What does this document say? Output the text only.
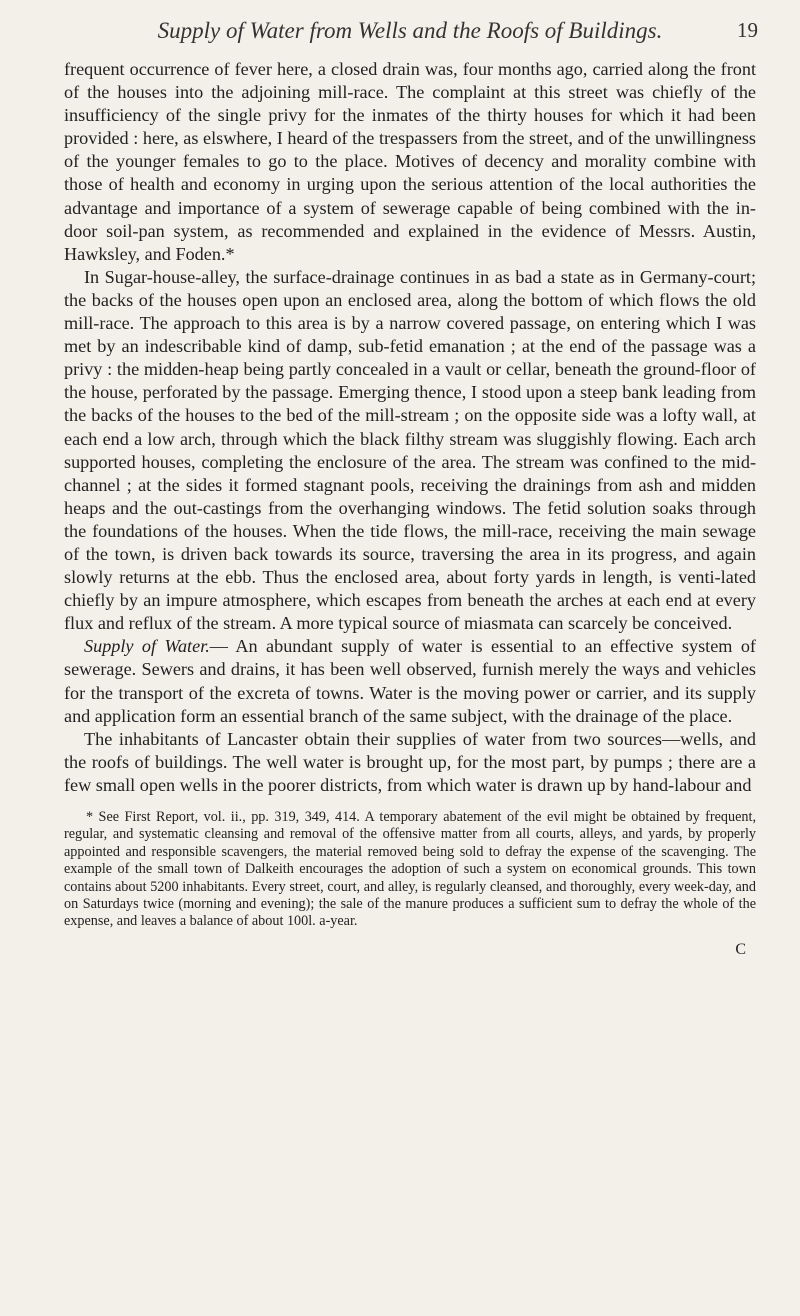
Supply of Water from Wells and the Roofs of Buildings.	19

frequent occurrence of fever here, a closed drain was, four months ago, carried along the front of the houses into the adjoining mill-race. The complaint at this street was chiefly of the insufficiency of the single privy for the inmates of the thirty houses for which it had been provided : here, as elswhere, I heard of the trespassers from the street, and of the unwillingness of the younger females to go to the place. Motives of decency and morality combine with those of health and economy in urging upon the serious attention of the local authorities the advantage and importance of a system of sewerage capable of being combined with the in-door soil-pan system, as recommended and explained in the evidence of Messrs. Austin, Hawksley, and Foden.*

In Sugar-house-alley, the surface-drainage continues in as bad a state as in Germany-court; the backs of the houses open upon an enclosed area, along the bottom of which flows the old mill-race. The approach to this area is by a narrow covered passage, on entering which I was met by an indescribable kind of damp, sub-fetid emanation ; at the end of the passage was a privy : the midden-heap being partly concealed in a vault or cellar, beneath the ground-floor of the house, perforated by the passage. Emerging thence, I stood upon a steep bank leading from the backs of the houses to the bed of the mill-stream ; on the opposite side was a lofty wall, at each end a low arch, through which the black filthy stream was sluggishly flowing. Each arch supported houses, completing the enclosure of the area. The stream was confined to the mid-channel ; at the sides it formed stagnant pools, receiving the drainings from ash and midden heaps and the out-castings from the overhanging windows. The fetid solution soaks through the foundations of the houses. When the tide flows, the mill-race, receiving the main sewage of the town, is driven back towards its source, traversing the area in its progress, and again slowly returns at the ebb. Thus the enclosed area, about forty yards in length, is venti-lated chiefly by an impure atmosphere, which escapes from beneath the arches at each end at every flux and reflux of the stream. A more typical source of miasmata can scarcely be conceived.

Supply of Water.— An abundant supply of water is essential to an effective system of sewerage. Sewers and drains, it has been well observed, furnish merely the ways and vehicles for the transport of the excreta of towns. Water is the moving power or carrier, and its supply and application form an essential branch of the same subject, with the drainage of the place.

The inhabitants of Lancaster obtain their supplies of water from two sources—wells, and the roofs of buildings. The well water is brought up, for the most part, by pumps ; there are a few small open wells in the poorer districts, from which water is drawn up by hand-labour and

* See First Report, vol. ii., pp. 319, 349, 414. A temporary abatement of the evil might be obtained by frequent, regular, and systematic cleansing and removal of the offensive matter from all courts, alleys, and yards, by properly appointed and responsible scavengers, the material removed being sold to defray the expense of the scavenging. The example of the small town of Dalkeith encourages the adoption of such a system on economical grounds. This town contains about 5200 inhabitants. Every street, court, and alley, is regularly cleansed, and thoroughly, every week-day, and on Saturdays twice (morning and evening); the sale of the manure produces a sufficient sum to defray the whole of the expense, and leaves a balance of about 100l. a-year.

C
